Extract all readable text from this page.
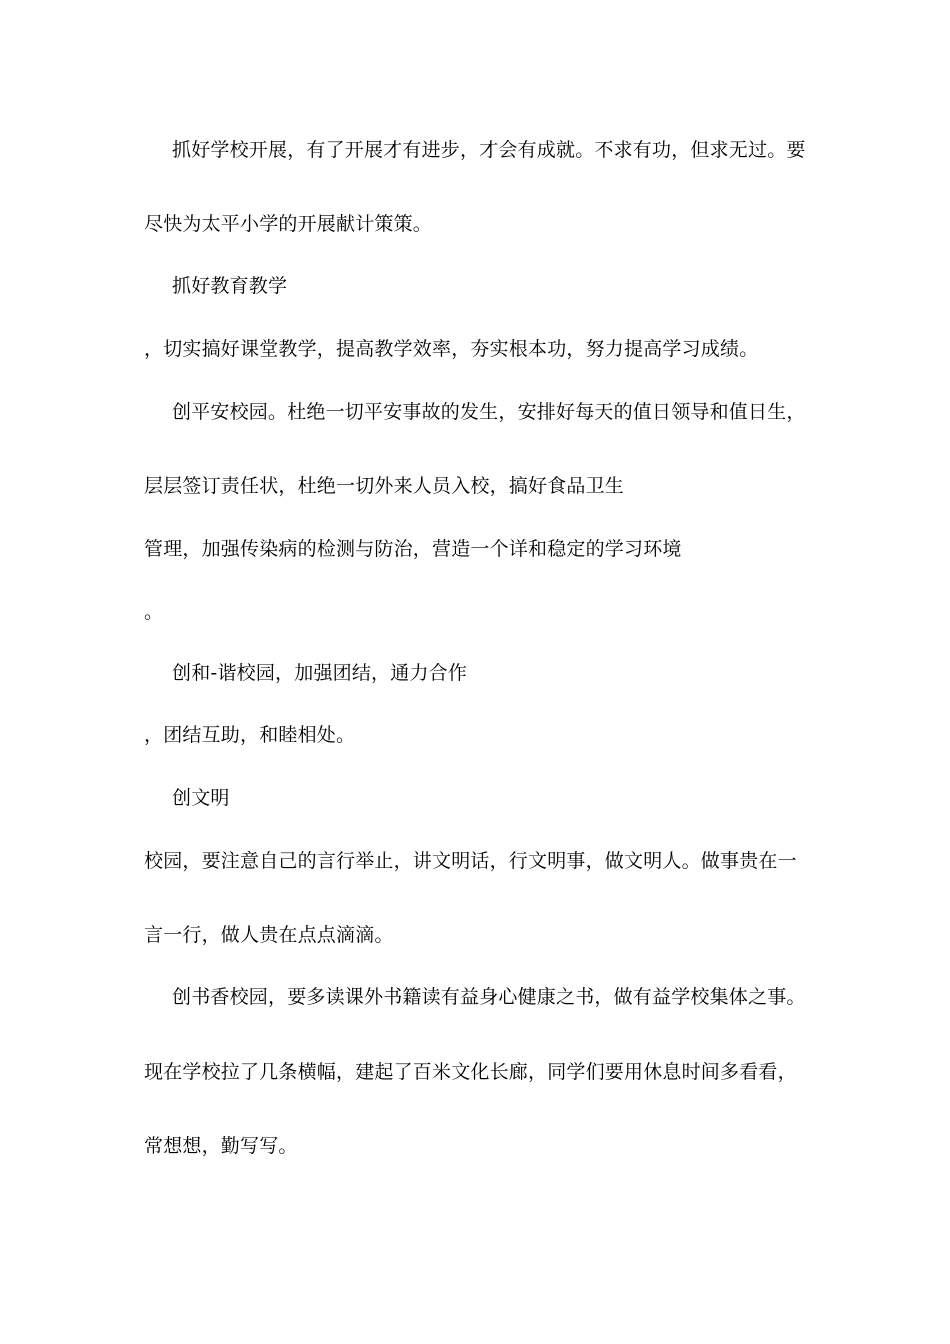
抓好学校开展，有了开展才有进步，才会有成就。不求有功，但求无过。要
尽快为太平小学的开展献计策策。
抓好教育教学
，切实搞好课堂教学，提高教学效率，夯实根本功，努力提高学习成绩。
创平安校园。杜绝一切平安事故的发生，安排好每天的值日领导和值日生，
层层签订责任状，杜绝一切外来人员入校，搞好食品卫生
管理，加强传染病的检测与防治，营造一个详和稳定的学习环境
。
创和-谐校园，加强团结，通力合作
，团结互助，和睦相处。
创文明
校园，要注意自己的言行举止，讲文明话，行文明事，做文明人。做事贵在一
言一行，做人贵在点点滴滴。
创书香校园，要多读课外书籍读有益身心健康之书，做有益学校集体之事。
现在学校拉了几条横幅，建起了百米文化长廊，同学们要用休息时间多看看，
常想想，勤写写。
